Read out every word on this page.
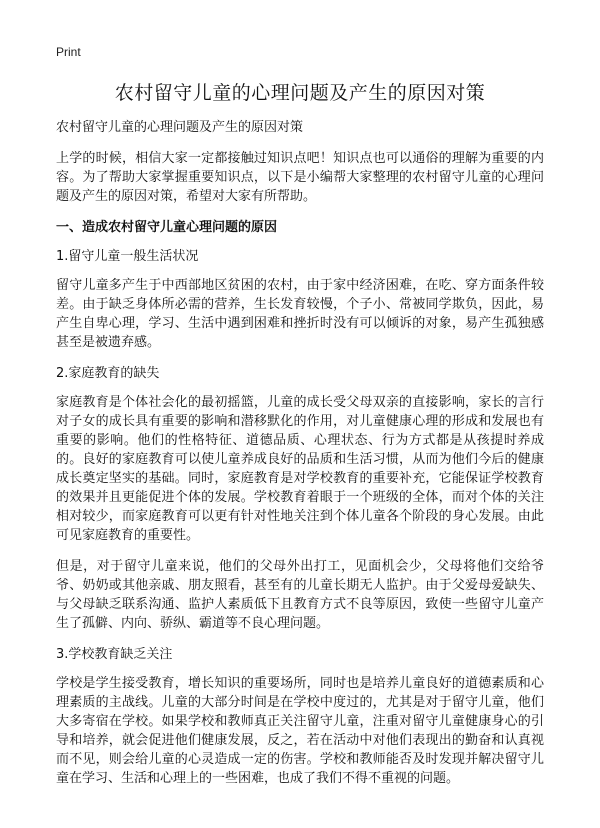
Print
农村留守儿童的心理问题及产生的原因对策

农村留守儿童的心理问题及产生的原因对策

上学的时候，相信大家一定都接触过知识点吧！知识点也可以通俗的理解为重要的内容。为了帮助大家掌握重要知识点，以下是小编帮大家整理的农村留守儿童的心理问题及产生的原因对策，希望对大家有所帮助。

一、造成农村留守儿童心理问题的原因

1.留守儿童一般生活状况

留守儿童多产生于中西部地区贫困的农村，由于家中经济困难，在吃、穿方面条件较差。由于缺乏身体所必需的营养，生长发育较慢，个子小、常被同学欺负，因此，易产生自卑心理，学习、生活中遇到困难和挫折时没有可以倾诉的对象，易产生孤独感甚至是被遗弃感。

2.家庭教育的缺失

家庭教育是个体社会化的最初摇篮，儿童的成长受父母双亲的直接影响，家长的言行对子女的成长具有重要的影响和潜移默化的作用，对儿童健康心理的形成和发展也有重要的影响。他们的性格特征、道德品质、心理状态、行为方式都是从孩提时养成的。良好的家庭教育可以使儿童养成良好的品质和生活习惯，从而为他们今后的健康成长奠定坚实的基础。同时，家庭教育是对学校教育的重要补充，它能保证学校教育的效果并且更能促进个体的发展。学校教育着眼于一个班级的全体，而对个体的关注相对较少，而家庭教育可以更有针对性地关注到个体儿童各个阶段的身心发展。由此可见家庭教育的重要性。

但是，对于留守儿童来说，他们的父母外出打工，见面机会少，父母将他们交给爷爷、奶奶或其他亲戚、朋友照看，甚至有的儿童长期无人监护。由于父爱母爱缺失、与父母缺乏联系沟通、监护人素质低下且教育方式不良等原因，致使一些留守儿童产生了孤僻、内向、骄纵、霸道等不良心理问题。

3.学校教育缺乏关注

学校是学生接受教育，增长知识的重要场所，同时也是培养儿童良好的道德素质和心理素质的主战线。儿童的大部分时间是在学校中度过的，尤其是对于留守儿童，他们大多寄宿在学校。如果学校和教师真正关注留守儿童，注重对留守儿童健康身心的引导和培养，就会促进他们健康发展，反之，若在活动中对他们表现出的勤奋和认真视而不见，则会给儿童的心灵造成一定的伤害。学校和教师能否及时发现并解决留守儿童在学习、生活和心理上的一些困难，也成了我们不得不重视的问题。
